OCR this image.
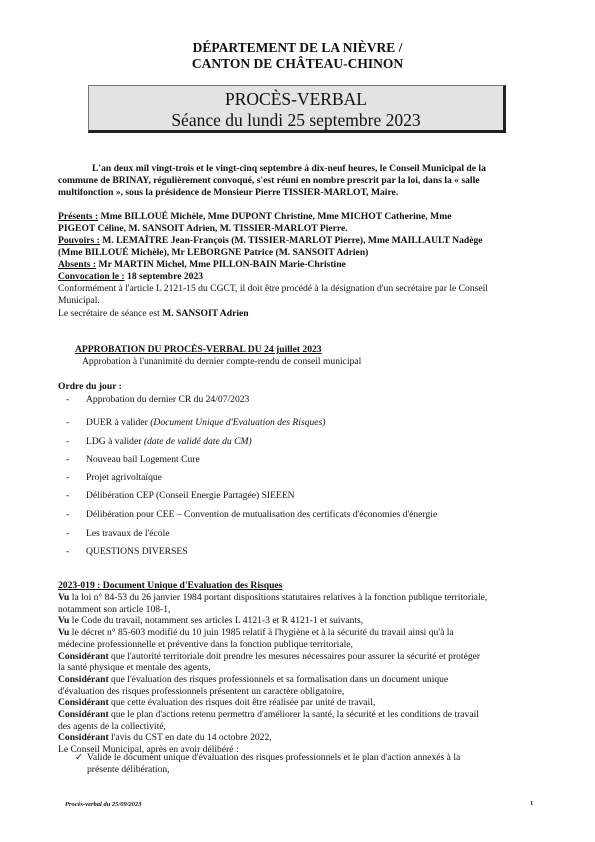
DÉPARTEMENT DE LA NIÈVRE /
CANTON DE CHÂTEAU-CHINON
PROCÈS-VERBAL
Séance du lundi 25 septembre 2023
L'an deux mil vingt-trois et le vingt-cinq septembre à dix-neuf heures, le Conseil Municipal de la
commune de BRINAY, régulièrement convoqué, s'est réuni en nombre prescrit par la loi, dans la « salle
multifonction », sous la présidence de Monsieur Pierre TISSIER-MARLOT, Maire.
Présents : Mme BILLOUÉ Michèle, Mme DUPONT Christine, Mme MICHOT Catherine, Mme
PIGEOT Céline, M. SANSOIT Adrien, M. TISSIER-MARLOT Pierre.
Pouvoirs : M. LEMAÎTRE Jean-François (M. TISSIER-MARLOT Pierre), Mme MAILLAULT Nadège
(Mme BILLOUÉ Michèle), Mr LEBORGNE Patrice (M. SANSOIT Adrien)
Absents : Mr MARTIN Michel, Mme PILLON-BAIN Marie-Christine
Convocation le : 18 septembre 2023
Conformément à l'article L 2121-15 du CGCT, il doit être procédé à la désignation d'un secrétaire par le Conseil
Municipal.
Le secrétaire de séance est M. SANSOIT Adrien
APPROBATION DU PROCÈS-VERBAL DU 24 juillet 2023
Approbation à l'unanimité du dernier compte-rendu de conseil municipal
Ordre du jour :
- Approbation du dernier CR du 24/07/2023
- DUER à valider (Document Unique d'Evaluation des Risques)
- LDG à valider (date de validé date du CM)
- Nouveau bail Logement Cure
- Projet agrivoltaïque
- Délibération CEP (Conseil Energie Partagée) SIEEEN
- Délibération pour CEE – Convention de mutualisation des certificats d'économies d'énergie
- Les travaux de l'école
- QUESTIONS DIVERSES
2023-019 : Document Unique d'Evaluation des Risques
Vu la loi n° 84-53 du 26 janvier 1984 portant dispositions statutaires relatives à la fonction publique territoriale,
notamment son article 108-1,
Vu le Code du travail, notamment ses articles L 4121-3 et R 4121-1 et suivants,
Vu le décret n° 85-603 modifié du 10 juin 1985 relatif à l'hygiène et à la sécurité du travail ainsi qu'à la
médecine professionnelle et préventive dans la fonction publique territoriale,
Considérant que l'autorité territoriale doit prendre les mesures nécessaires pour assurer la sécurité et protéger
la santé physique et mentale des agents,
Considérant que l'évaluation des risques professionnels et sa formalisation dans un document unique
d'évaluation des risques professionnels présentent un caractère obligatoire,
Considérant que cette évaluation des risques doit être réalisée par unité de travail,
Considérant que le plan d'actions retenu permettra d'améliorer la santé, la sécurité et les conditions de travail
des agents de la collectivité,
Considérant l'avis du CST en date du 14 octobre 2022,
Le Conseil Municipal, après en avoir délibéré :
✓ Valide le document unique d'évaluation des risques professionnels et le plan d'action annexés à la
présente délibération,
Procès-verbal du 25/09/2023	1
